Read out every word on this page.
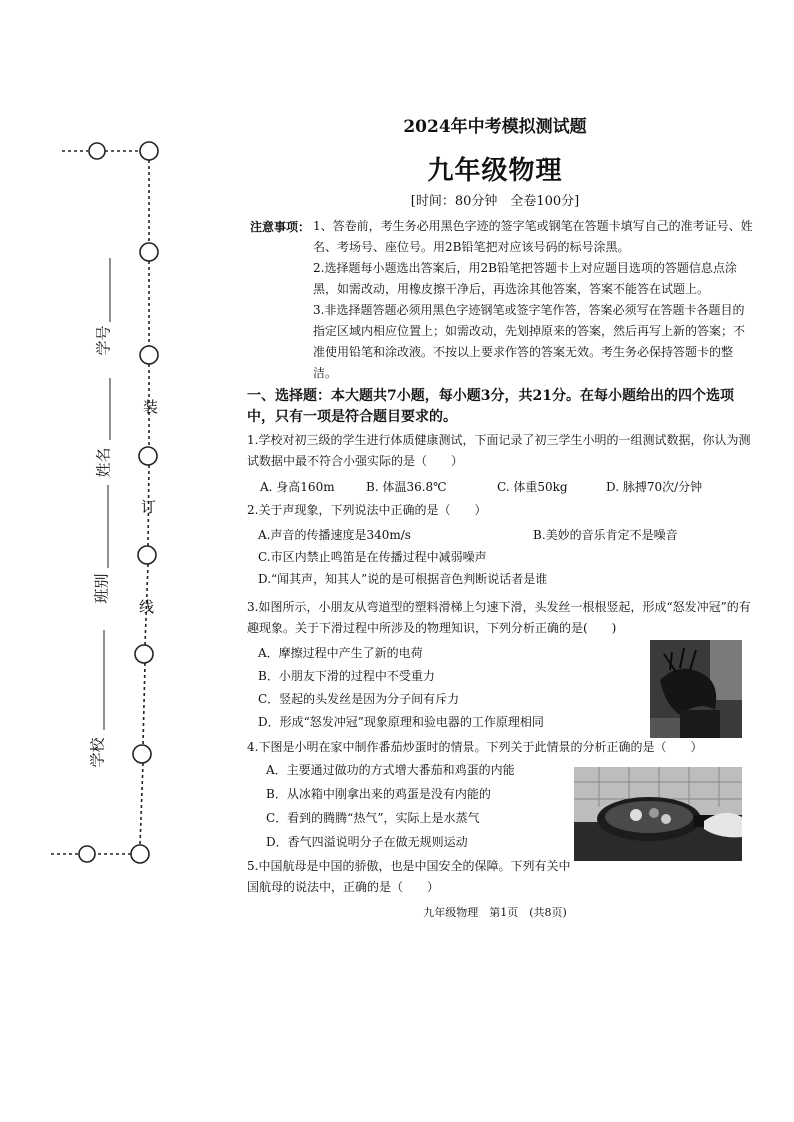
学号
姓名
班别
学校
装
订
线
2024年中考模拟测试题
九年级物理
[时间：80分钟　全卷100分]
注意事项： 1、答卷前，考生务必用黑色字迹的签字笔或钢笔在答题卡填写自己的准考证号、姓名、考场号、座位号。用2B铅笔把对应该号码的标号涂黑。
2.选择题每小题选出答案后，用2B铅笔把答题卡上对应题目选项的答题信息点涂黑，如需改动，用橡皮擦干净后，再选涂其他答案，答案不能答在试题上。
3.非选择题答题必须用黑色字迹钢笔或签字笔作答，答案必须写在答题卡各题目的指定区域内相应位置上；如需改动，先划掉原来的答案，然后再写上新的答案；不准使用铅笔和涂改液。不按以上要求作答的答案无效。考生务必保持答题卡的整洁。
一、选择题：本大题共7小题，每小题3分，共21分。在每小题给出的四个选项中，只有一项是符合题目要求的。
1.学校对初三级的学生进行体质健康测试，下面记录了初三学生小明的一组测试数据，你认为测试数据中最不符合小强实际的是（　　）
A. 身高160m	B. 体温36.8℃	C. 体重50kg	D. 脉搏70次/分钟
2.关于声现象，下列说法中正确的是（　　）
A.声音的传播速度是340m/s	B.美妙的音乐肯定不是噪音
C.市区内禁止鸣笛是在传播过程中减弱噪声
D.“闻其声，知其人”说的是可根据音色判断说话者是谁
3.如图所示，小朋友从弯道型的塑料滑梯上匀速下滑，头发丝一根根竖起，形成“怒发冲冠”的有趣现象。关于下滑过程中所涉及的物理知识，下列分析正确的是(　　)
A．摩擦过程中产生了新的电荷
B．小朋友下滑的过程中不受重力
C．竖起的头发丝是因为分子间有斥力
D．形成“怒发冲冠”现象原理和验电器的工作原理相同
4.下图是小明在家中制作番茄炒蛋时的情景。下列关于此情景的分析正确的是（　　）
A．主要通过做功的方式增大番茄和鸡蛋的内能
B．从冰箱中刚拿出来的鸡蛋是没有内能的
C．看到的腾腾“热气”，实际上是水蒸气
D．香气四溢说明分子在做无规则运动
5.中国航母是中国的骄傲，也是中国安全的保障。下列有关中国航母的说法中，正确的是（　　）
九年级物理　第1页　(共8页)
